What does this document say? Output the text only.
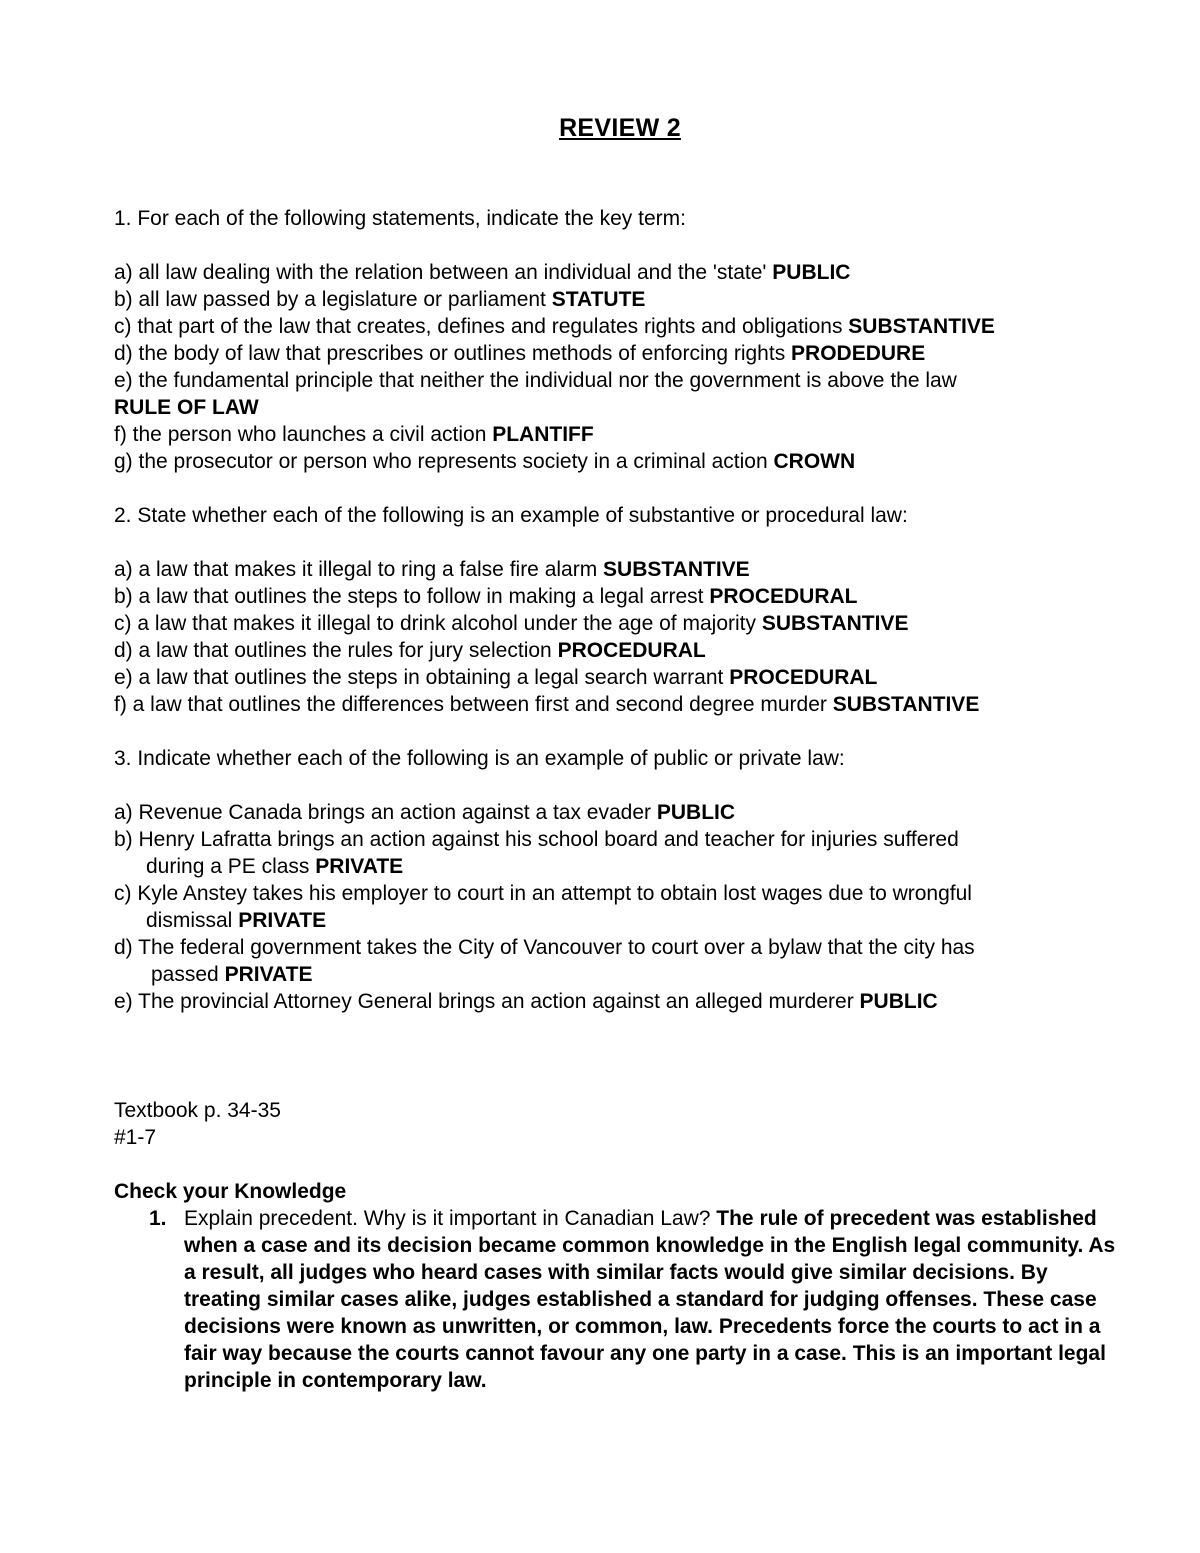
REVIEW 2
1. For each of the following statements, indicate the key term:
a) all law dealing with the relation between an individual and the 'state' PUBLIC
b) all law passed by a legislature or parliament STATUTE
c) that part of the law that creates, defines and regulates rights and obligations SUBSTANTIVE
d) the body of law that prescribes or outlines methods of enforcing rights PRODEDURE
e) the fundamental principle that neither the individual nor the government is above the law
RULE OF LAW
f) the person who launches a civil action PLANTIFF
g) the prosecutor or person who represents society in a criminal action CROWN
2. State whether each of the following is an example of substantive or procedural law:
a) a law that makes it illegal to ring a false fire alarm SUBSTANTIVE
b) a law that outlines the steps to follow in making a legal arrest PROCEDURAL
c) a law that makes it illegal to drink alcohol under the age of majority SUBSTANTIVE
d) a law that outlines the rules for jury selection PROCEDURAL
e) a law that outlines the steps in obtaining a legal search warrant PROCEDURAL
f) a law that outlines the differences between first and second degree murder SUBSTANTIVE
3. Indicate whether each of the following is an example of public or private law:
a) Revenue Canada brings an action against a tax evader PUBLIC
b) Henry Lafratta brings an action against his school board and teacher for injuries suffered
during a PE class PRIVATE
c) Kyle Anstey takes his employer to court in an attempt to obtain lost wages due to wrongful
dismissal PRIVATE
d) The federal government takes the City of Vancouver to court over a bylaw that the city has
passed PRIVATE
e) The provincial Attorney General brings an action against an alleged murderer PUBLIC
Textbook p. 34-35
#1-7
Check your Knowledge
1. Explain precedent. Why is it important in Canadian Law? The rule of precedent was established when a case and its decision became common knowledge in the English legal community. As a result, all judges who heard cases with similar facts would give similar decisions. By treating similar cases alike, judges established a standard for judging offenses. These case decisions were known as unwritten, or common, law. Precedents force the courts to act in a fair way because the courts cannot favour any one party in a case. This is an important legal principle in contemporary law.
